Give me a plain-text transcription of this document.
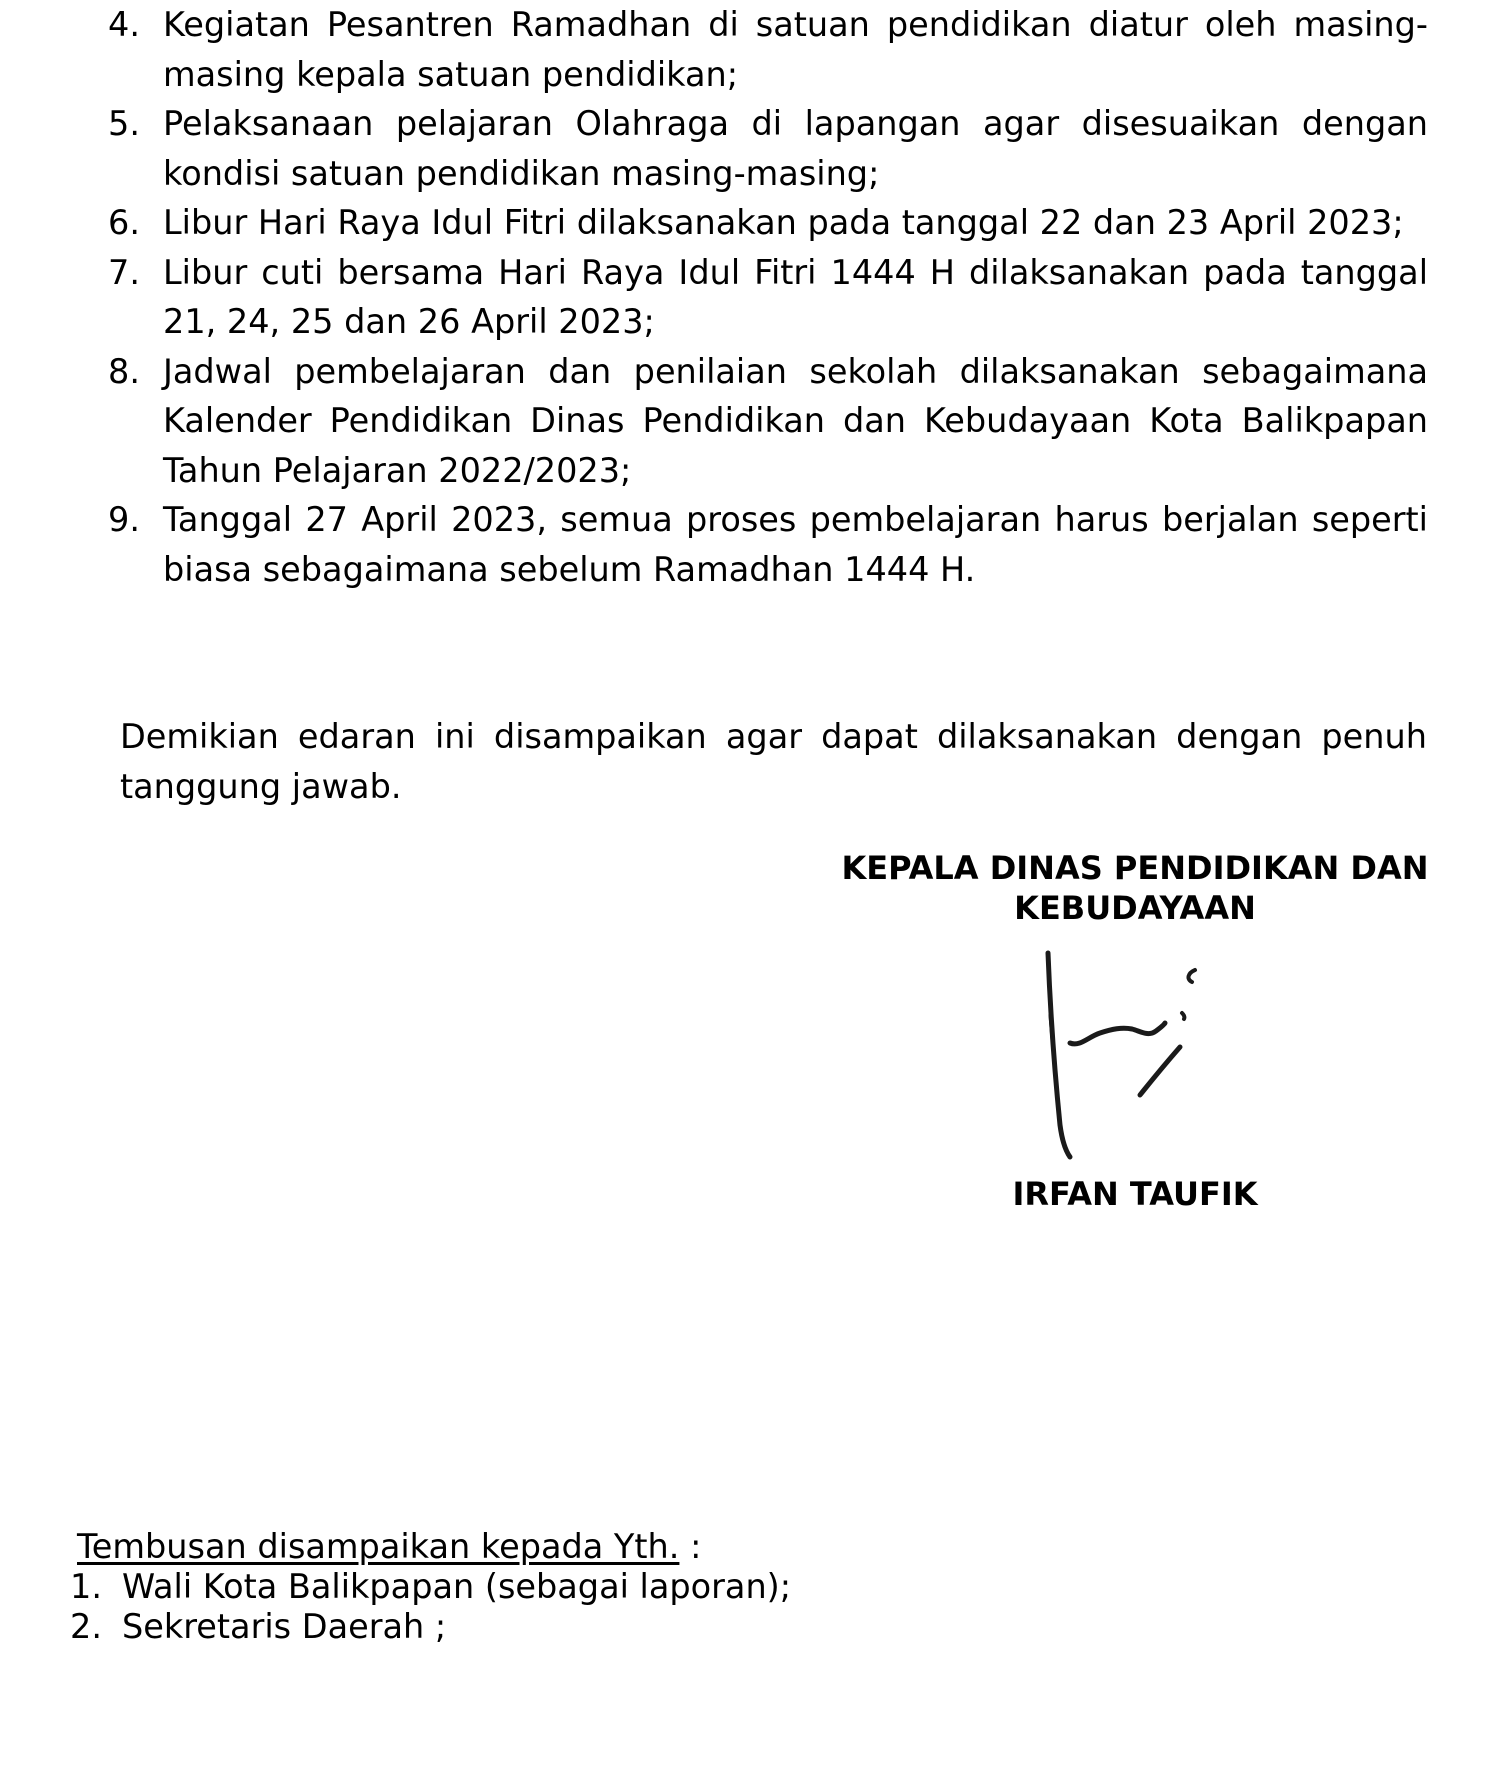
4. Kegiatan Pesantren Ramadhan di satuan pendidikan diatur oleh masing-masing kepala satuan pendidikan;
5. Pelaksanaan pelajaran Olahraga di lapangan agar disesuaikan dengan kondisi satuan pendidikan masing-masing;
6. Libur Hari Raya Idul Fitri dilaksanakan pada tanggal 22 dan 23 April 2023;
7. Libur cuti bersama Hari Raya Idul Fitri 1444 H dilaksanakan pada tanggal 21, 24, 25 dan 26 April 2023;
8. Jadwal pembelajaran dan penilaian sekolah dilaksanakan sebagaimana Kalender Pendidikan Dinas Pendidikan dan Kebudayaan Kota Balikpapan Tahun Pelajaran 2022/2023;
9. Tanggal 27 April 2023, semua proses pembelajaran harus berjalan seperti biasa sebagaimana sebelum Ramadhan 1444 H.

Demikian edaran ini disampaikan agar dapat dilaksanakan dengan penuh tanggung jawab.

KEPALA DINAS PENDIDIKAN DAN
KEBUDAYAAN
IRFAN TAUFIK
Tembusan disampaikan kepada Yth. :
1. Wali Kota Balikpapan (sebagai laporan);
2. Sekretaris Daerah ;
